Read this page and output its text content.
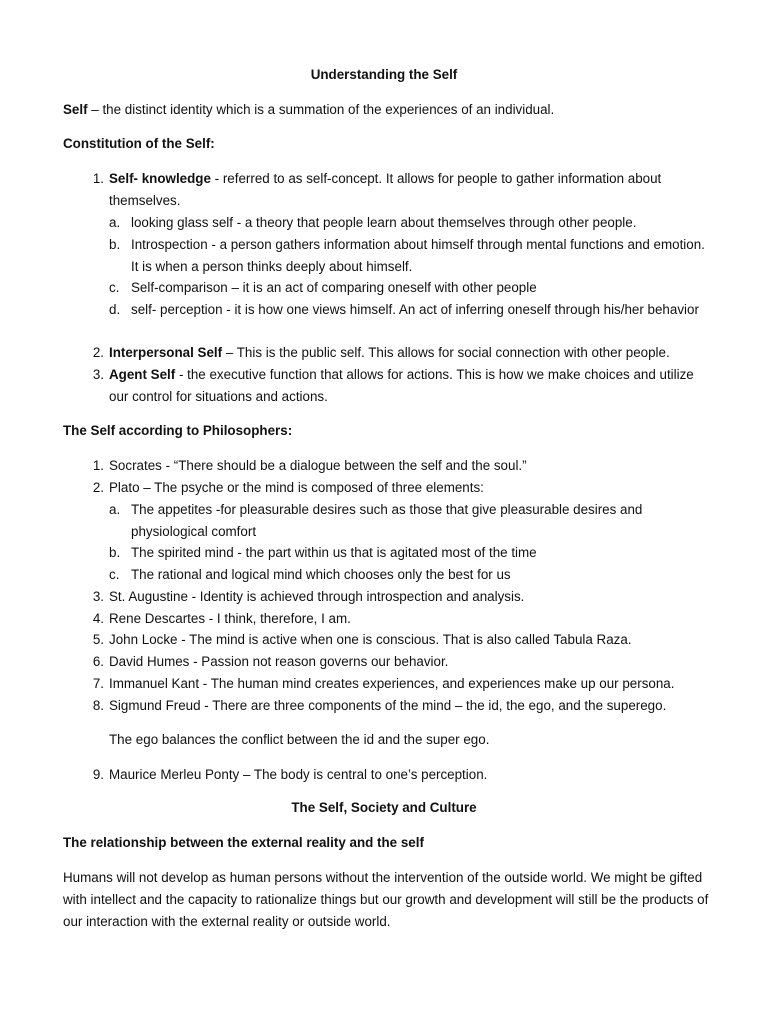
Understanding the Self
Self – the distinct identity which is a summation of the experiences of an individual.
Constitution of the Self:
1. Self- knowledge - referred to as self-concept. It allows for people to gather information about themselves.
a. looking glass self - a theory that people learn about themselves through other people.
b. Introspection - a person gathers information about himself through mental functions and emotion. It is when a person thinks deeply about himself.
c. Self-comparison – it is an act of comparing oneself with other people
d. self- perception - it is how one views himself. An act of inferring oneself through his/her behavior
2. Interpersonal Self – This is the public self. This allows for social connection with other people.
3. Agent Self - the executive function that allows for actions. This is how we make choices and utilize our control for situations and actions.
The Self according to Philosophers:
1. Socrates - “There should be a dialogue between the self and the soul.”
2. Plato – The psyche or the mind is composed of three elements:
a. The appetites -for pleasurable desires such as those that give pleasurable desires and physiological comfort
b. The spirited mind - the part within us that is agitated most of the time
c. The rational and logical mind which chooses only the best for us
3. St. Augustine - Identity is achieved through introspection and analysis.
4. Rene Descartes - I think, therefore, I am.
5. John Locke - The mind is active when one is conscious. That is also called Tabula Raza.
6. David Humes - Passion not reason governs our behavior.
7. Immanuel Kant - The human mind creates experiences, and experiences make up our persona.
8. Sigmund Freud - There are three components of the mind – the id, the ego, and the superego.
The ego balances the conflict between the id and the super ego.
9. Maurice Merleu Ponty – The body is central to one’s perception.
The Self, Society and Culture
The relationship between the external reality and the self
Humans will not develop as human persons without the intervention of the outside world. We might be gifted with intellect and the capacity to rationalize things but our growth and development will still be the products of our interaction with the external reality or outside world.
